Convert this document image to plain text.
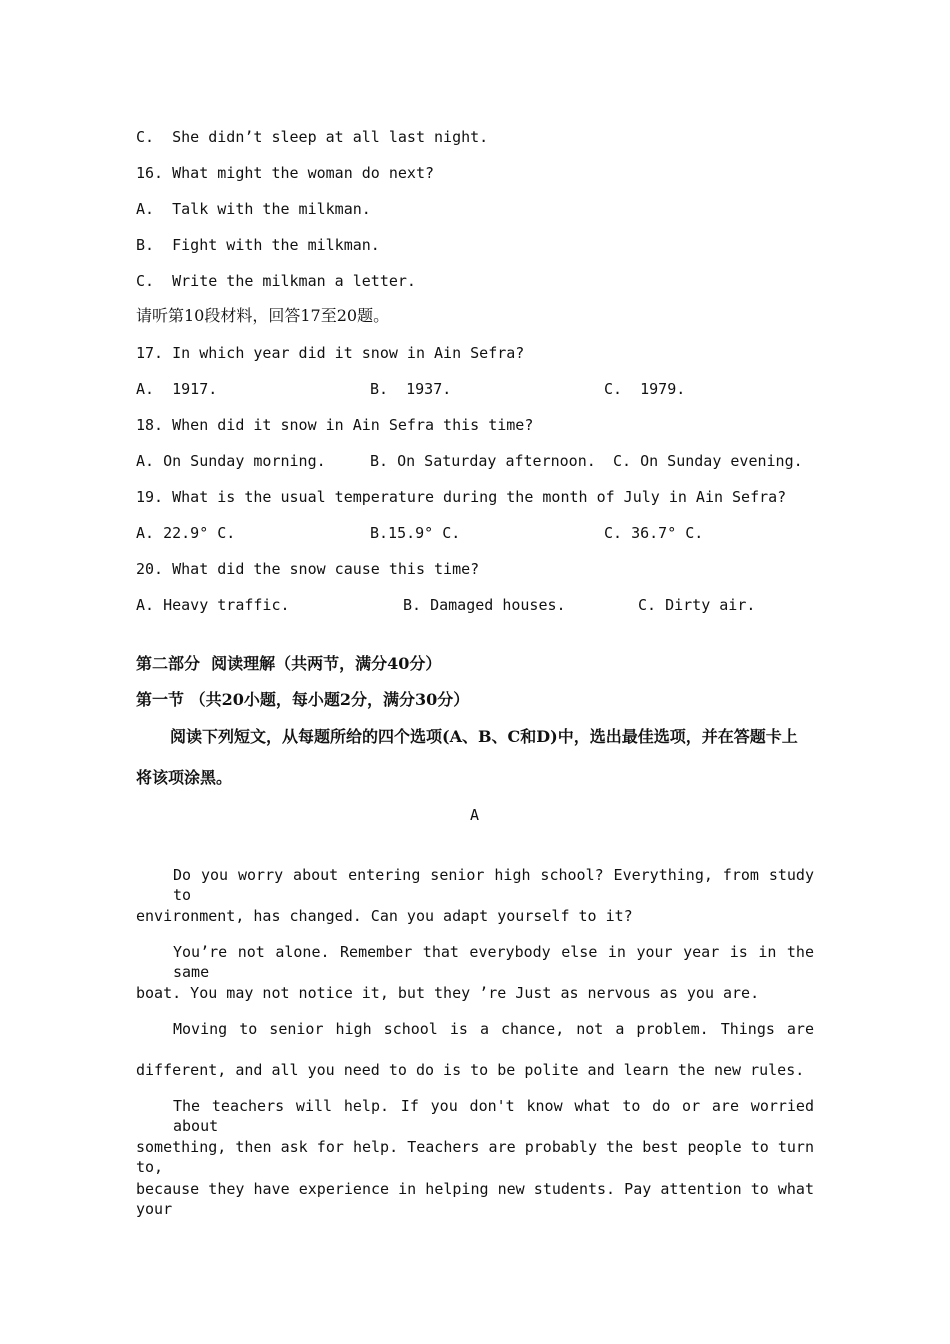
C.  She didn’t sleep at all last night.
16. What might the woman do next?
A.  Talk with the milkman.
B.  Fight with the milkman.
C.  Write the milkman a letter.
请听第10段材料，回答17至20题。
17. In which year did it snow in Ain Sefra?
A.  1917.	B.  1937.	C.  1979.
18. When did it snow in Ain Sefra this time?
A. On Sunday morning.	B. On Saturday afternoon. C. On Sunday evening.
19. What is the usual temperature during the month of July in Ain Sefra?
A. 22.9° C.	B.15.9° C.	C. 36.7° C.
20. What did the snow cause this time?
A. Heavy traffic.	B. Damaged houses.	C. Dirty air.
第二部分  阅读理解（共两节，满分40分）
第一节 （共20小题，每小题2分，满分30分）
阅读下列短文，从每题所给的四个选项(A、B、C和D)中，选出最佳选项，并在答题卡上
将该项涂黑。
A
Do you worry about entering senior high school? Everything, from study to
environment, has changed. Can you adapt yourself to it?
You’re not alone. Remember that everybody else in your year is in the same
boat. You may not notice it, but they ’re Just as nervous as you are.
Moving to senior high school is a chance, not a problem. Things are
different, and all you need to do is to be polite and learn the new rules.
The teachers will help. If you don't know what to do or are worried about
something, then ask for help. Teachers are probably the best people to turn to,
because they have experience in helping new students. Pay attention to what your
